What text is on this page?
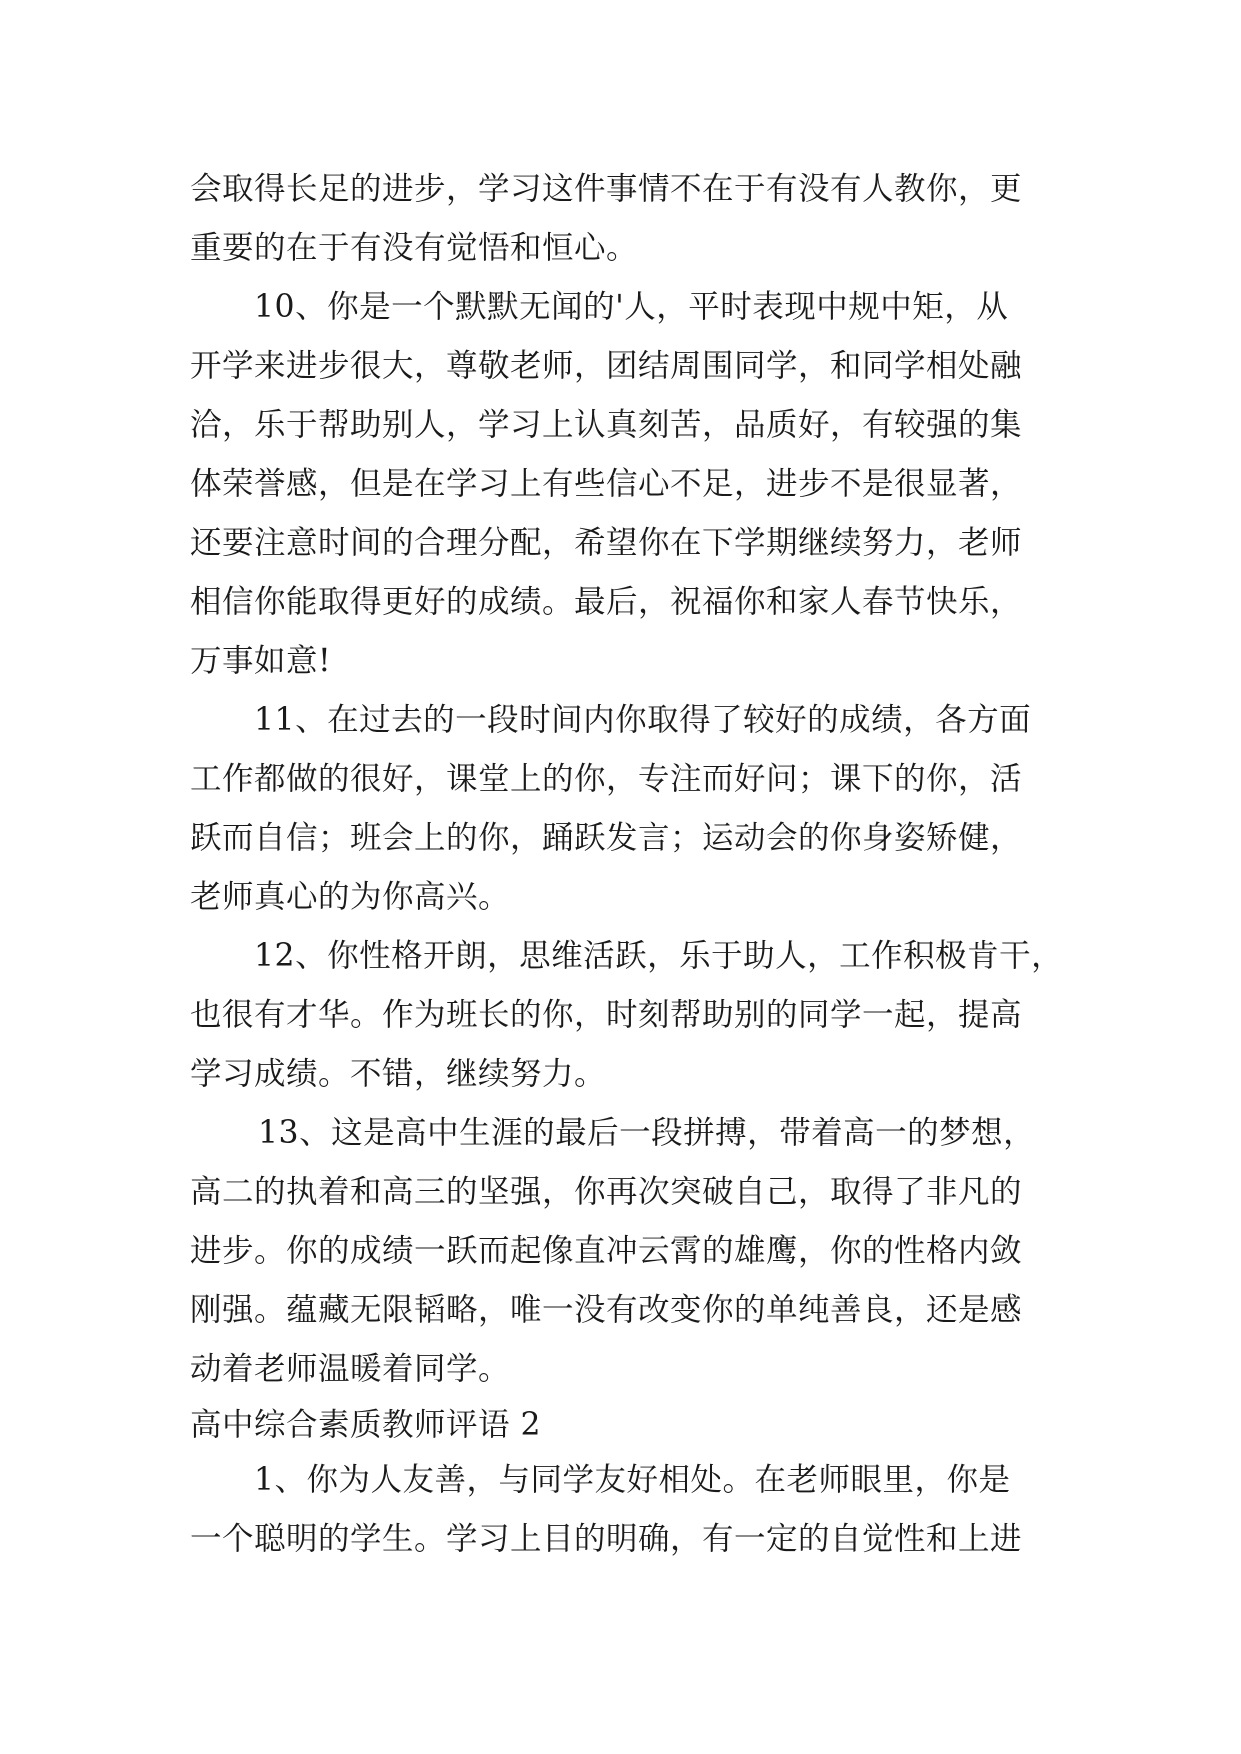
会取得长足的进步，学习这件事情不在于有没有人教你，更
重要的在于有没有觉悟和恒心。
10、你是一个默默无闻的'人，平时表现中规中矩，从
开学来进步很大，尊敬老师，团结周围同学，和同学相处融
洽，乐于帮助别人，学习上认真刻苦，品质好，有较强的集
体荣誉感，但是在学习上有些信心不足，进步不是很显著，
还要注意时间的合理分配，希望你在下学期继续努力，老师
相信你能取得更好的成绩。最后，祝福你和家人春节快乐，
万事如意!
11、在过去的一段时间内你取得了较好的成绩，各方面
工作都做的很好，课堂上的你，专注而好问；课下的你，活
跃而自信；班会上的你，踊跃发言；运动会的你身姿矫健，
老师真心的为你高兴。
12、你性格开朗，思维活跃，乐于助人，工作积极肯干，
也很有才华。作为班长的你，时刻帮助别的同学一起，提高
学习成绩。不错，继续努力。
13、这是高中生涯的最后一段拼搏，带着高一的梦想，
高二的执着和高三的坚强，你再次突破自己，取得了非凡的
进步。你的成绩一跃而起像直冲云霄的雄鹰，你的性格内敛
刚强。蕴藏无限韬略，唯一没有改变你的单纯善良，还是感
动着老师温暖着同学。
高中综合素质教师评语 2
1、你为人友善，与同学友好相处。在老师眼里，你是
一个聪明的学生。学习上目的明确，有一定的自觉性和上进
